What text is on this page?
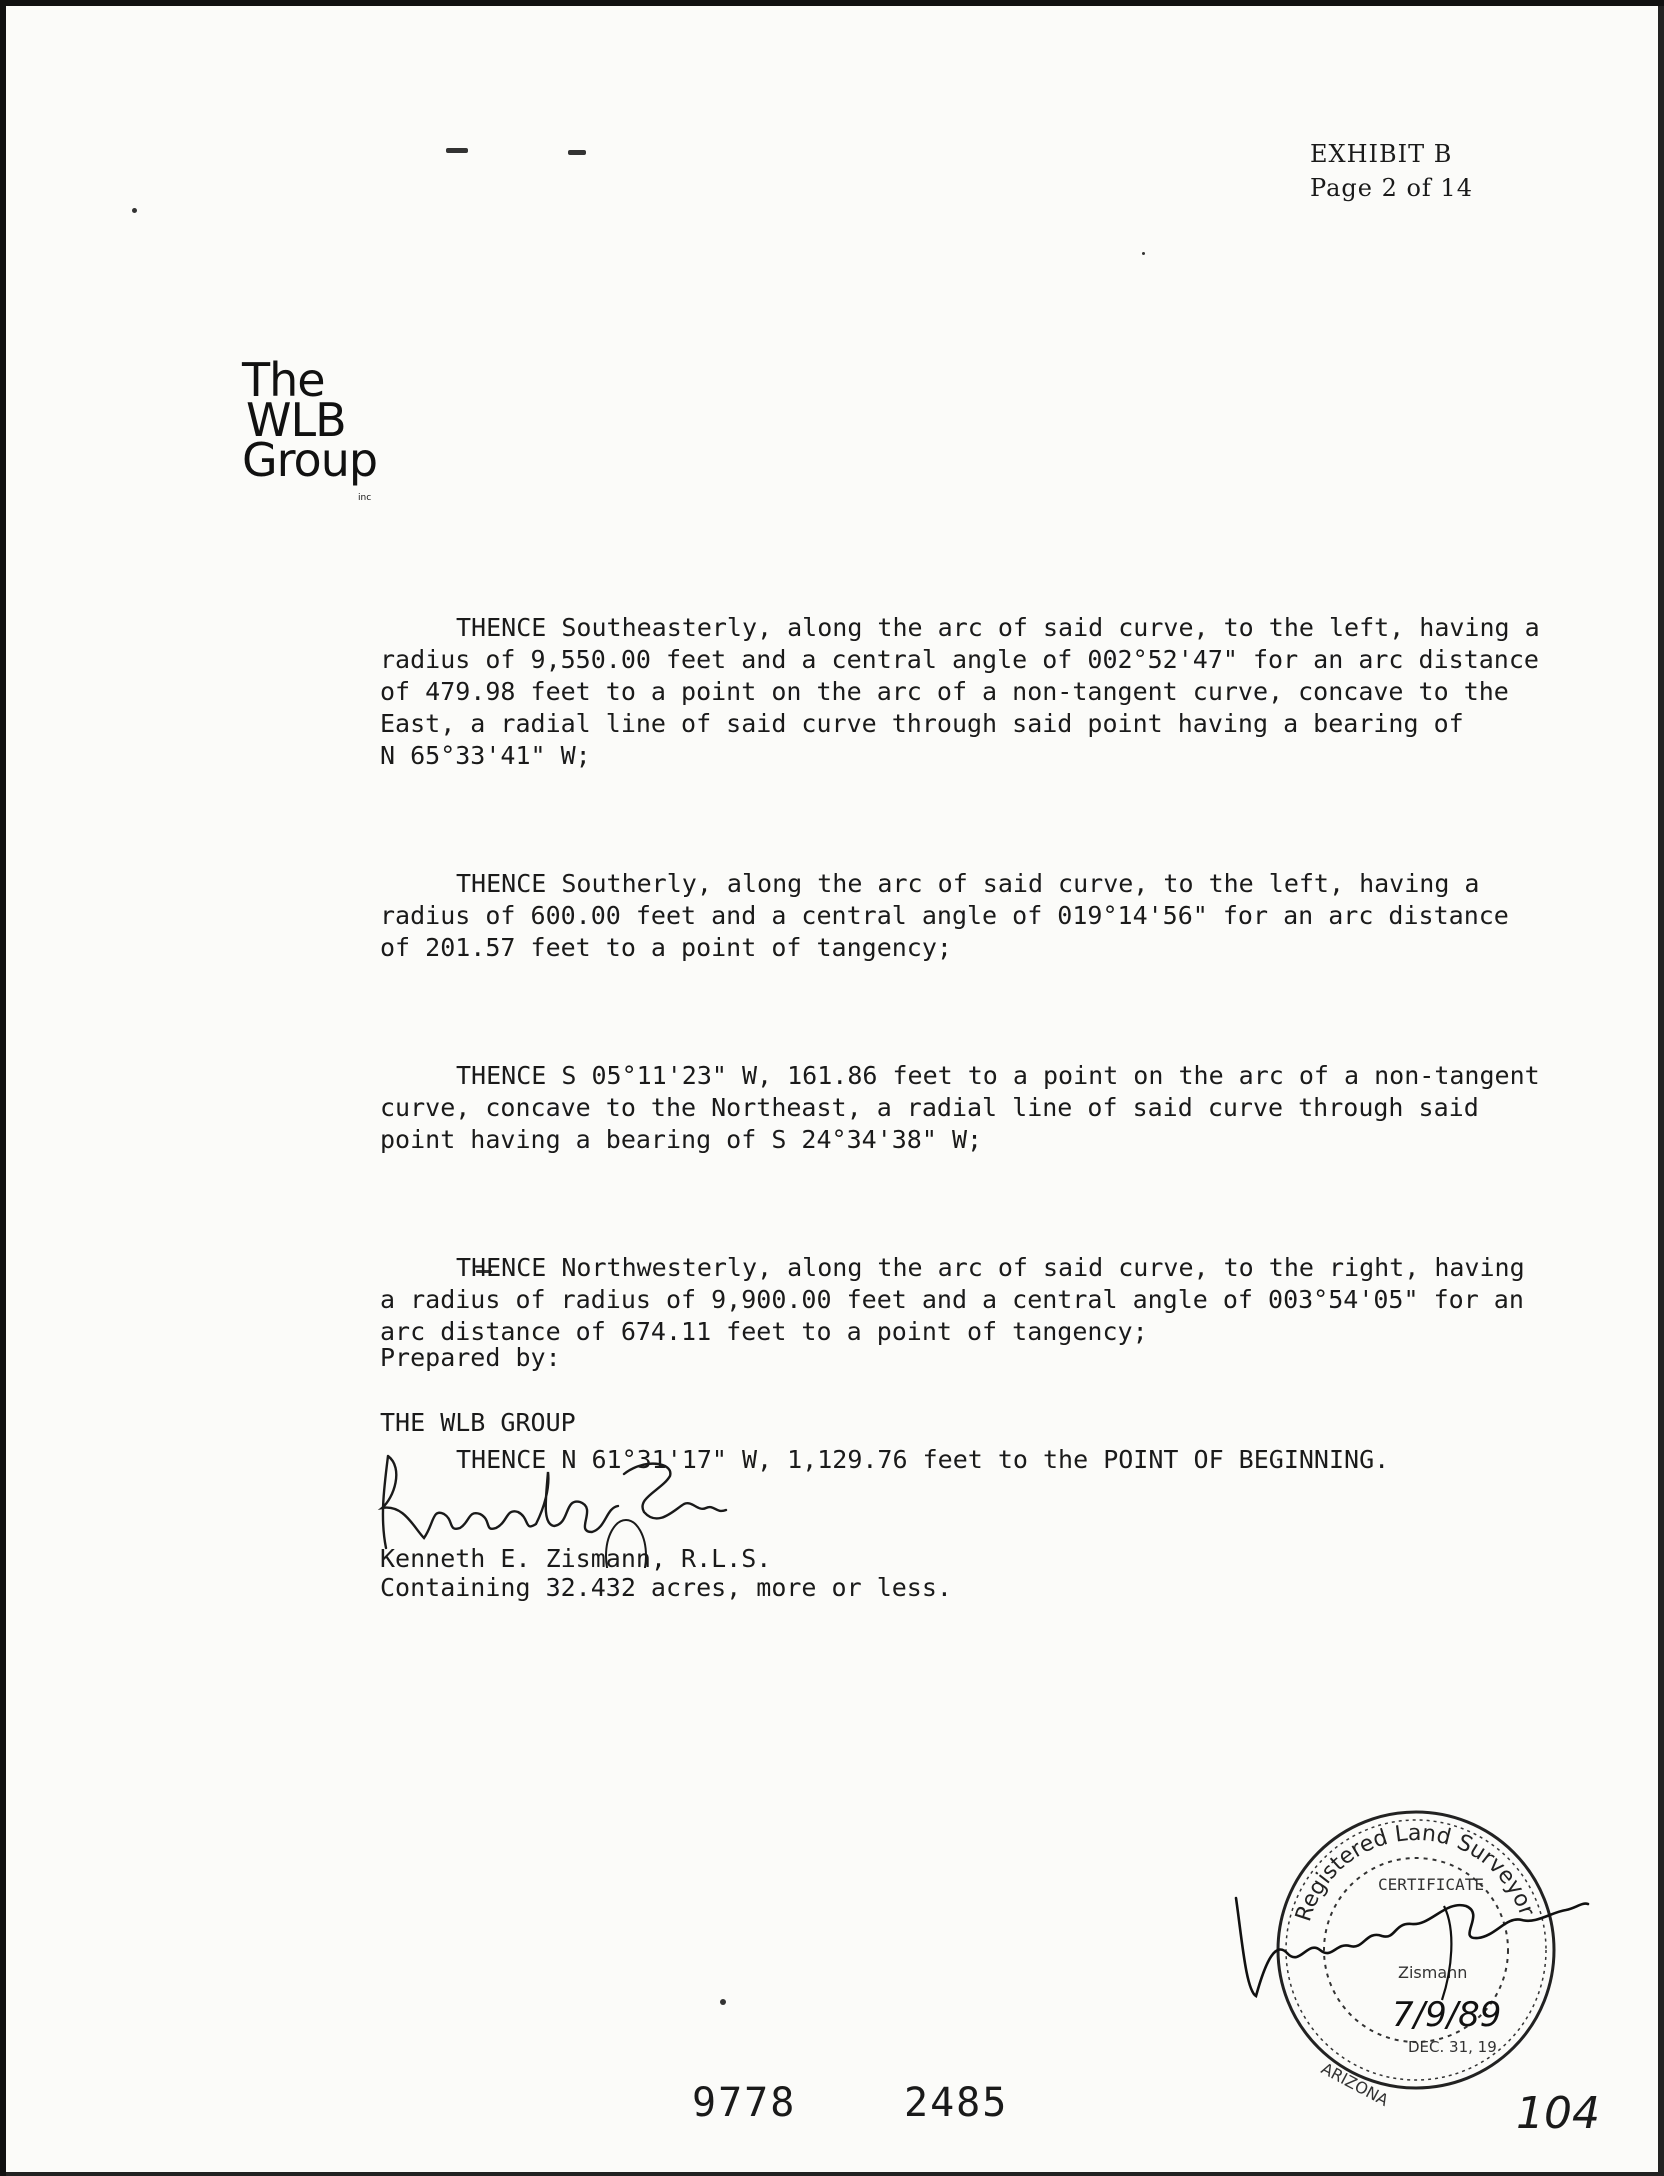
EXHIBIT B
Page 2 of 14
The
WLB
Group
inc

THENCE Southeasterly, along the arc of said curve, to the left, having a
radius of 9,550.00 feet and a central angle of 002°52'47" for an arc distance
of 479.98 feet to a point on the arc of a non-tangent curve, concave to the
East, a radial line of said curve through said point having a bearing of
N 65°33'41" W;

THENCE Southerly, along the arc of said curve, to the left, having a
radius of 600.00 feet and a central angle of 019°14'56" for an arc distance
of 201.57 feet to a point of tangency;

THENCE S 05°11'23" W, 161.86 feet to a point on the arc of a non-tangent
curve, concave to the Northeast, a radial line of said curve through said
point having a bearing of S 24°34'38" W;

THENCE Northwesterly, along the arc of said curve, to the right, having
a radius of radius of 9,900.00 feet and a central angle of 003°54'05" for an
arc distance of 674.11 feet to a point of tangency;

THENCE N 61°31'17" W, 1,129.76 feet to the POINT OF BEGINNING.

Containing 32.432 acres, more or less.

Prepared by:
THE WLB GROUP
Kenneth E. Zismann, R.L.S.
Registered Land Surveyor
CERTIFICATE
Zismann
7/9/89
DEC. 31, 19
ARIZONA
9778	2485	104
